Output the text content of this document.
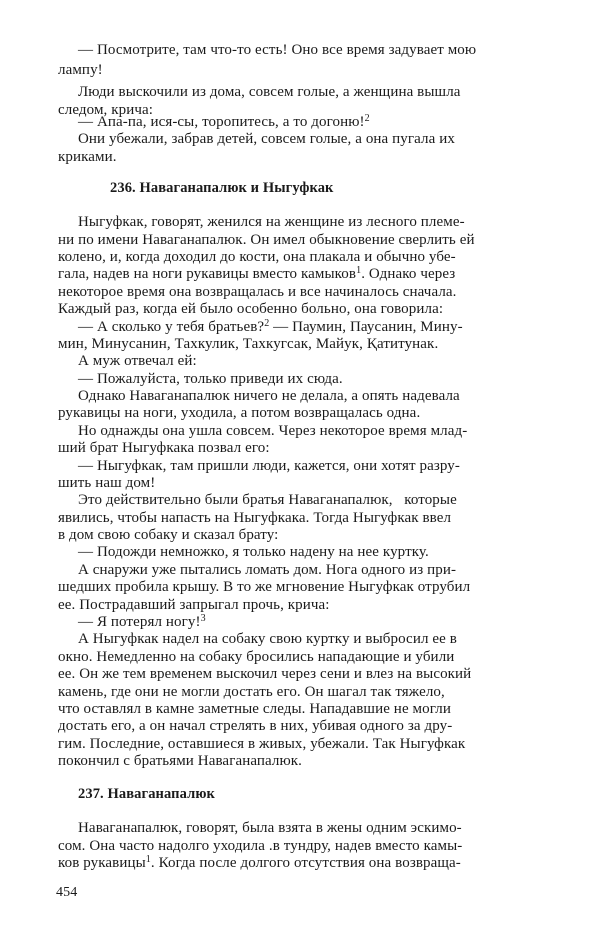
— Посмотрите, там что-то есть! Оно все время задувает мою
лампу!
Люди выскочили из дома, совсем голые, а женщина вышла
следом, крича:
— Апа-па, ися-сы, торопитесь, а то догоню!$^2$
Они убежали, забрав детей, совсем голые, а она пугала их
криками.
236. Наваганапалюк и Ныгуфкак
Ныгуфкак, говорят, женился на женщине из лесного племе-
ни по имени Наваганапалюк. Он имел обыкновение сверлить ей
колено, и, когда доходил до кости, она плакала и обычно убе-
гала, надев на ноги рукавицы вместо камыков$^1$. Однако через
некоторое время она возвращалась и все начиналось сначала.
Каждый раз, когда ей было особенно больно, она говорила:
— А сколько у тебя братьев?$^2$ — Паумин, Паусанин, Мину-
мин, Минусанин, Тахкулик, Тахкугсак, Майук, Қатитунак.
А муж отвечал ей:
— Пожалуйста, только приведи их сюда.
Однако Наваганапалюк ничего не делала, а опять надевала
рукавицы на ноги, уходила, а потом возвращалась одна.
Но однажды она ушла совсем. Через некоторое время млад-
ший брат Ныгуфкака позвал его:
— Ныгуфкак, там пришли люди, кажется, они хотят разру-
шить наш дом!
Это действительно были братья Наваганапалюк,   которые
явились, чтобы напасть на Ныгуфкака. Тогда Ныгуфкак ввел
в дом свою собаку и сказал брату:
— Подожди немножко, я только надену на нее куртку.
А снаружи уже пытались ломать дом. Нога одного из при-
шедших пробила крышу. В то же мгновение Ныгуфкак отрубил
ее. Пострадавший запрыгал прочь, крича:
— Я потерял ногу!$^3$
А Ныгуфкак надел на собаку свою куртку и выбросил ее в
окно. Немедленно на собаку бросились нападающие и убили
ее. Он же тем временем выскочил через сени и влез на высокий
камень, где они не могли достать его. Он шагал так тяжело,
что оставлял в камне заметные следы. Нападавшие не могли
достать его, а он начал стрелять в них, убивая одного за дру-
гим. Последние, оставшиеся в живых, убежали. Так Ныгуфкак
покончил с братьями Наваганапалюк.
237. Наваганапалюк
Наваганапалюк, говорят, была взята в жены одним эскимо-
сом. Она часто надолго уходила .в тундру, надев вместо камы-
ков рукавицы$^1$. Когда после долгого отсутствия она возвраща-
454
